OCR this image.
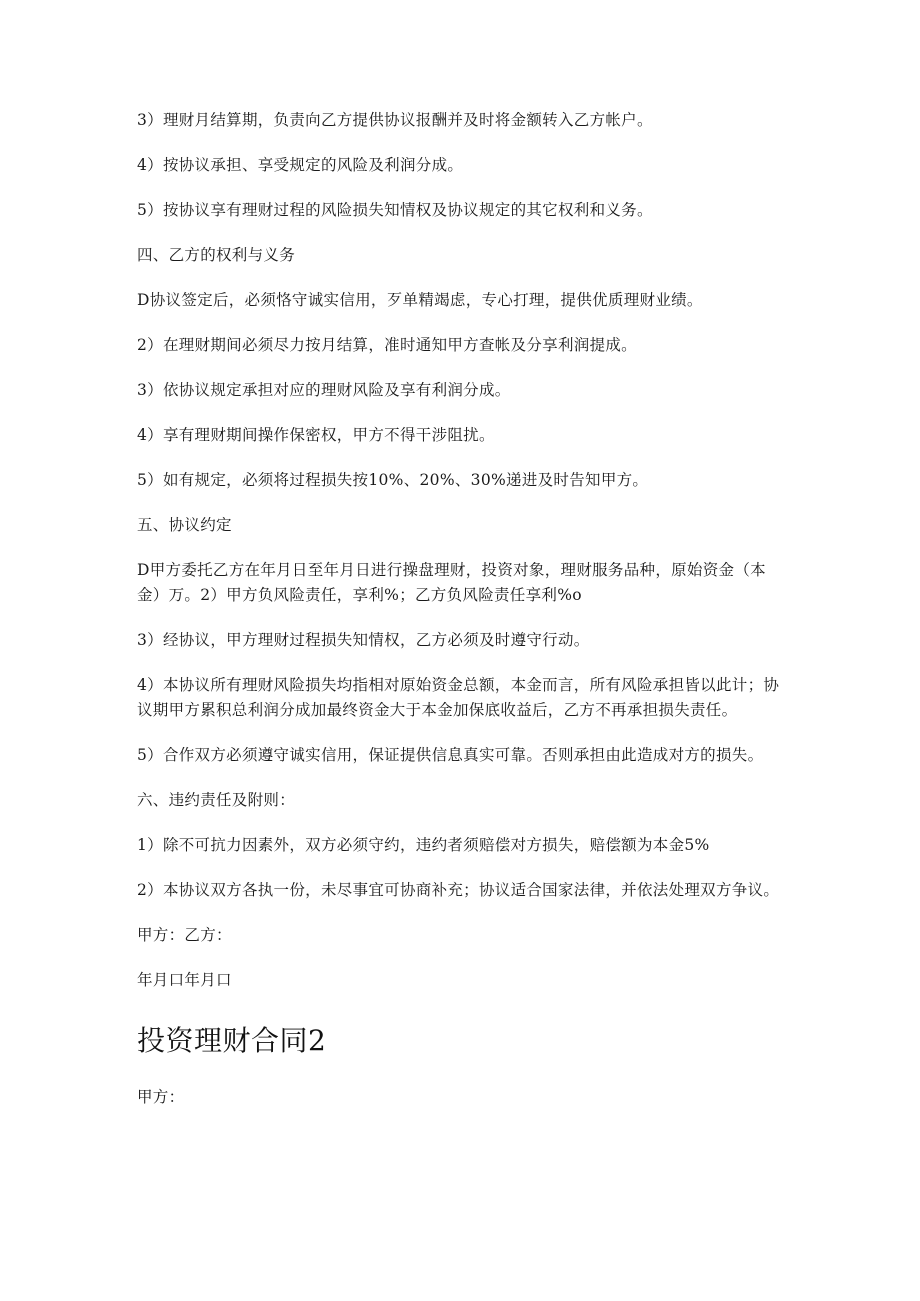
3）理财月结算期，负责向乙方提供协议报酬并及时将金额转入乙方帐户。

4）按协议承担、享受规定的风险及利润分成。

5）按协议享有理财过程的风险损失知情权及协议规定的其它权利和义务。

四、乙方的权利与义务

D协议签定后，必须恪守诚实信用，歹单精竭虑，专心打理，提供优质理财业绩。

2）在理财期间必须尽力按月结算，准时通知甲方查帐及分享利润提成。

3）依协议规定承担对应的理财风险及享有利润分成。

4）享有理财期间操作保密权，甲方不得干涉阻扰。

5）如有规定，必须将过程损失按10%、20%、30%递进及时告知甲方。

五、协议约定

D甲方委托乙方在年月日至年月日进行操盘理财，投资对象，理财服务品种，原始资金（本金）万。2）甲方负风险责任，享利%；乙方负风险责任享利%o

3）经协议，甲方理财过程损失知情权，乙方必须及时遵守行动。

4）本协议所有理财风险损失均指相对原始资金总额，本金而言，所有风险承担皆以此计；协议期甲方累积总利润分成加最终资金大于本金加保底收益后，乙方不再承担损失责任。

5）合作双方必须遵守诚实信用，保证提供信息真实可靠。否则承担由此造成对方的损失。

六、违约责任及附则：

1）除不可抗力因素外，双方必须守约，违约者须赔偿对方损失，赔偿额为本金5%

2）本协议双方各执一份，未尽事宜可协商补充；协议适合国家法律，并依法处理双方争议。

甲方：乙方：

年月口年月口

投资理财合同2

甲方：
